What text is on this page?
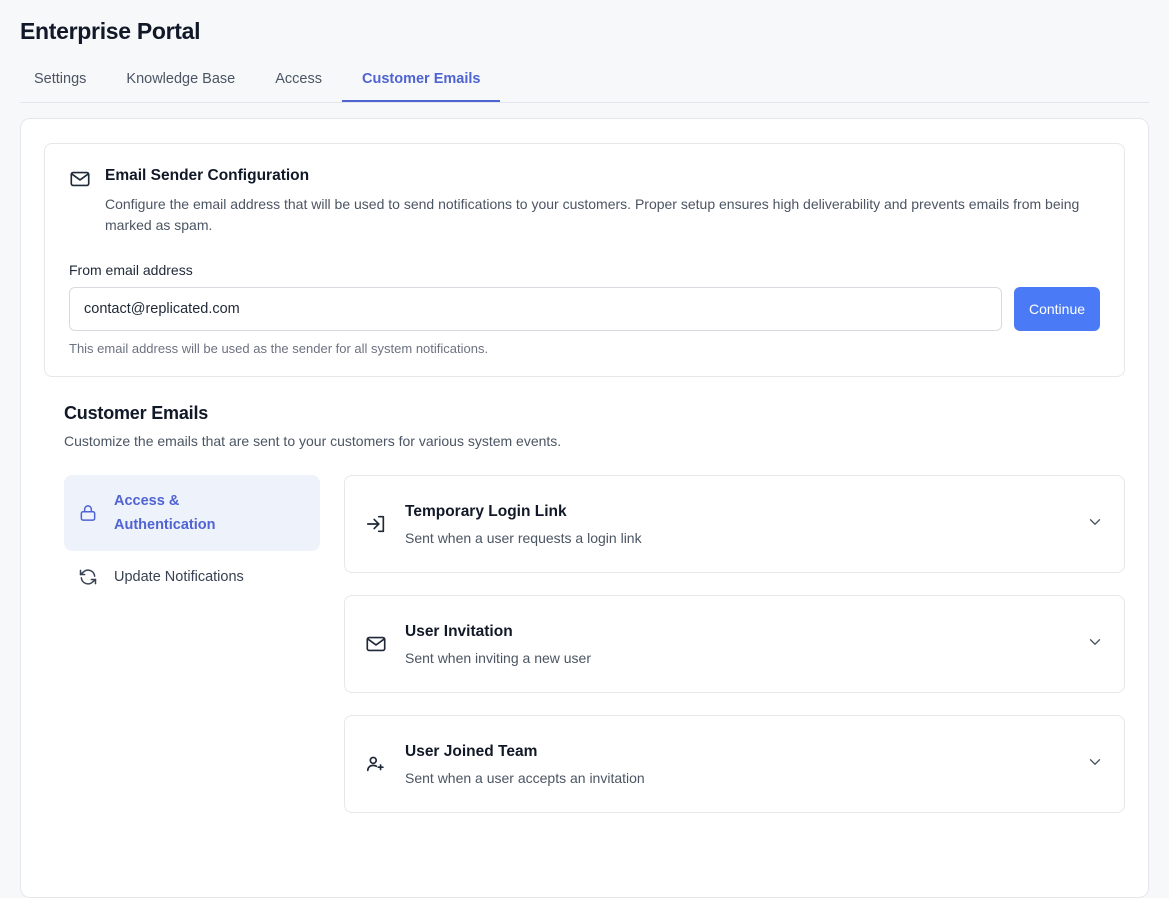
Enterprise Portal
Settings	Knowledge Base	Access	Customer Emails
Email Sender Configuration
Configure the email address that will be used to send notifications to your customers. Proper setup ensures high deliverability and prevents emails from being marked as spam.
From email address
contact@replicated.com
Continue
This email address will be used as the sender for all system notifications.
Customer Emails
Customize the emails that are sent to your customers for various system events.
Access & Authentication
Update Notifications
Temporary Login Link
Sent when a user requests a login link
User Invitation
Sent when inviting a new user
User Joined Team
Sent when a user accepts an invitation
